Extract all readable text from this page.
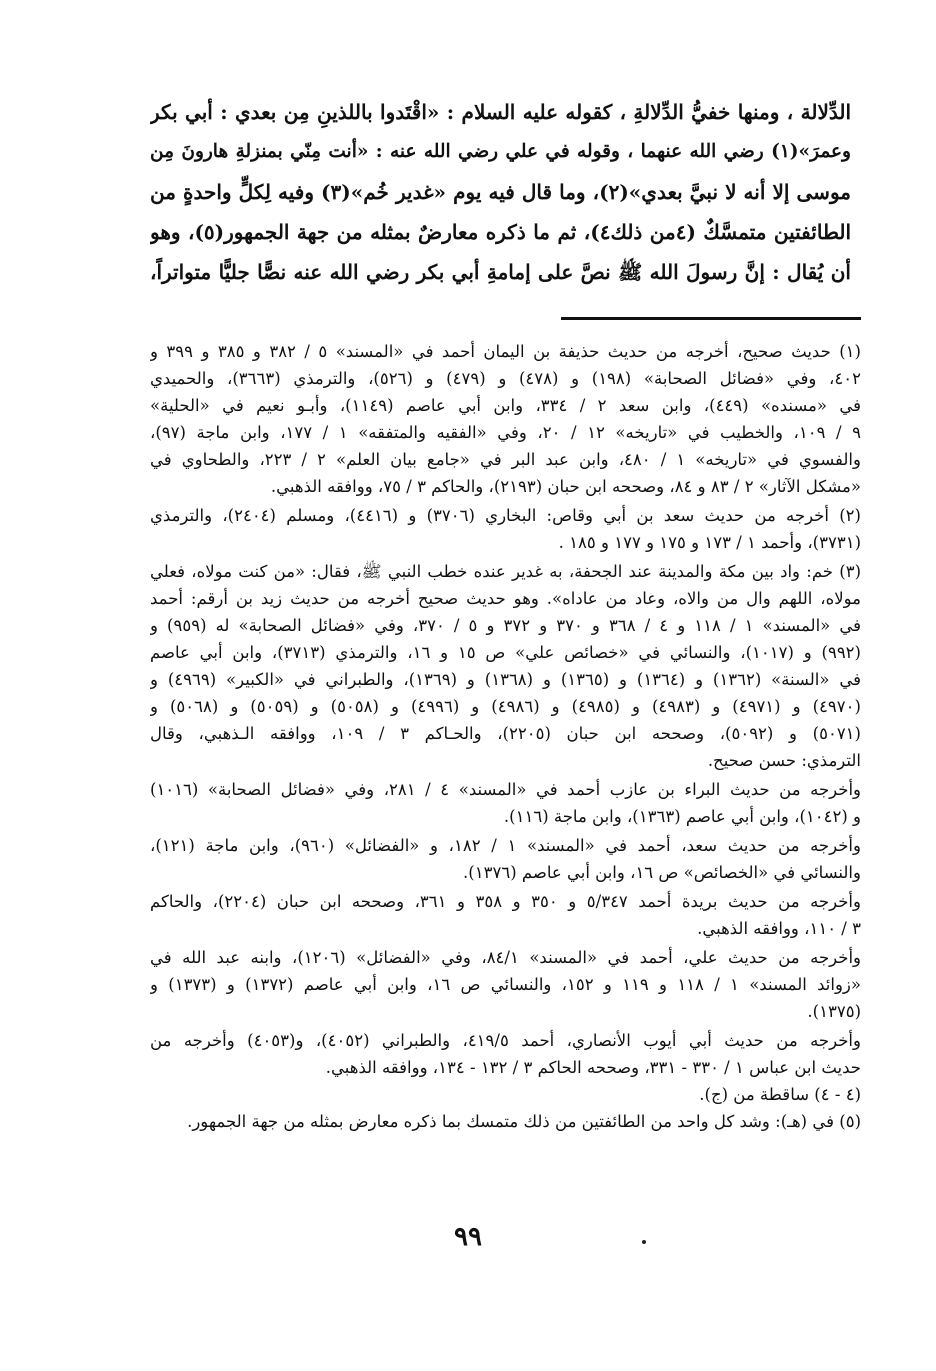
الدِّلالة ، ومنها خفيُّ الدِّلالةِ ، كقوله عليه السلام : «اقْتَدوا باللذينِ مِن بعدي : أبي بكر
وعمرَ»(١) رضي الله عنهما ، وقوله في علي رضي الله عنه : «أنت مِنّي بمنزلةِ هارونَ مِن
موسى إلا أنه لا نبيَّ بعدي»(٢)، وما قال فيه يوم «غدير خُم»(٣) وفيه لِكلٍّ واحدةٍ من
الطائفتين متمسَّكٌ (٤من ذلك٤)، ثم ما ذكره معارضٌ بمثله من جهة الجمهور(٥)، وهو
أن يُقال : إنَّ رسولَ الله ﷺ نصَّ على إمامةِ أبي بكر رضي الله عنه نصًّا جليًّا متواتراً،
(١) حديث صحيح، أخرجه من حديث حذيفة بن اليمان أحمد في «المسند» ٥ / ٣٨٢ و ٣٨٥ و ٣٩٩ و
٤٠٢، وفي «فضائل الصحابة» (١٩٨) و (٤٧٨) و (٤٧٩) و (٥٢٦)، والترمذي (٣٦٦٣)، والحميدي
في «مسنده» (٤٤٩)، وابن سعد ٢ / ٣٣٤، وابن أبي عاصم (١١٤٩)، وأبـو نعيم في «الحلية»
٩ / ١٠٩، والخطيب في «تاريخه» ١٢ / ٢٠، وفي «الفقيه والمتفقه» ١ / ١٧٧، وابن ماجة (٩٧)،
والفسوي في «تاريخه» ١ / ٤٨٠، وابن عبد البر في «جامع بيان العلم» ٢ / ٢٢٣، والطحاوي في
«مشكل الآثار» ٢ / ٨٣ و ٨٤، وصححه ابن حبان (٢١٩٣)، والحاكم ٣ / ٧٥، ووافقه الذهبي.
(٢) أخرجه من حديث سعد بن أبي وقاص: البخاري (٣٧٠٦) و (٤٤١٦)، ومسلم (٢٤٠٤)، والترمذي
(٣٧٣١)، وأحمد ١ / ١٧٣ و ١٧٥ و ١٧٧ و ١٨٥ .
(٣) خم: واد بين مكة والمدينة عند الجحفة، به غدير عنده خطب النبي ﷺ، فقال: «من كنت مولاه، فعلي
مولاه، اللهم وال من والاه، وعاد من عاداه». وهو حديث صحيح أخرجه من حديث زيد بن أرقم: أحمد
في «المسند» ١ / ١١٨ و ٤ / ٣٦٨ و ٣٧٠ و ٣٧٢ و ٥ / ٣٧٠، وفي «فضائل الصحابة» له (٩٥٩) و
(٩٩٢) و (١٠١٧)، والنسائي في «خصائص علي» ص ١٥ و ١٦، والترمذي (٣٧١٣)، وابن أبي عاصم
في «السنة» (١٣٦٢) و (١٣٦٤) و (١٣٦٥) و (١٣٦٨) و (١٣٦٩)، والطبراني في «الكبير» (٤٩٦٩) و
(٤٩٧٠) و (٤٩٧١) و (٤٩٨٣) و (٤٩٨٥) و (٤٩٨٦) و (٤٩٩٦) و (٥٠٥٨) و (٥٠٥٩) و (٥٠٦٨) و
(٥٠٧١) و (٥٠٩٢)، وصححه ابن حبان (٢٢٠٥)، والحـاكم ٣ / ١٠٩، ووافقه الـذهبي، وقال
الترمذي: حسن صحيح.
وأخرجه من حديث البراء بن عازب أحمد في «المسند» ٤ / ٢٨١، وفي «فضائل الصحابة» (١٠١٦)
و (١٠٤٢)، وابن أبي عاصم (١٣٦٣)، وابن ماجة (١١٦).
وأخرجه من حديث سعد، أحمد في «المسند» ١ / ١٨٢، و «الفضائل» (٩٦٠)، وابن ماجة (١٢١)،
والنسائي في «الخصائص» ص ١٦، وابن أبي عاصم (١٣٧٦).
وأخرجه من حديث بريدة أحمد ٥/٣٤٧ و ٣٥٠ و ٣٥٨ و ٣٦١، وصححه ابن حبان (٢٢٠٤)، والحاكم
٣ / ١١٠، ووافقه الذهبي.
وأخرجه من حديث علي، أحمد في «المسند» ٨٤/١، وفي «الفضائل» (١٢٠٦)، وابنه عبد الله في
«زوائد المسند» ١ / ١١٨ و ١١٩ و ١٥٢، والنسائي ص ١٦، وابن أبي عاصم (١٣٧٢) و (١٣٧٣) و
(١٣٧٥).
وأخرجه من حديث أبي أيوب الأنصاري، أحمد ٤١٩/٥، والطبراني (٤٠٥٢)، و(٤٠٥٣) وأخرجه من
حديث ابن عباس ١ / ٣٣٠ - ٣٣١، وصححه الحاكم ٣ / ١٣٢ - ١٣٤، ووافقه الذهبي.
(٤ - ٤) ساقطة من (ج).
(٥) في (هـ): وشد كل واحد من الطائفتين من ذلك متمسك بما ذكره معارض بمثله من جهة الجمهور.
٩٩
